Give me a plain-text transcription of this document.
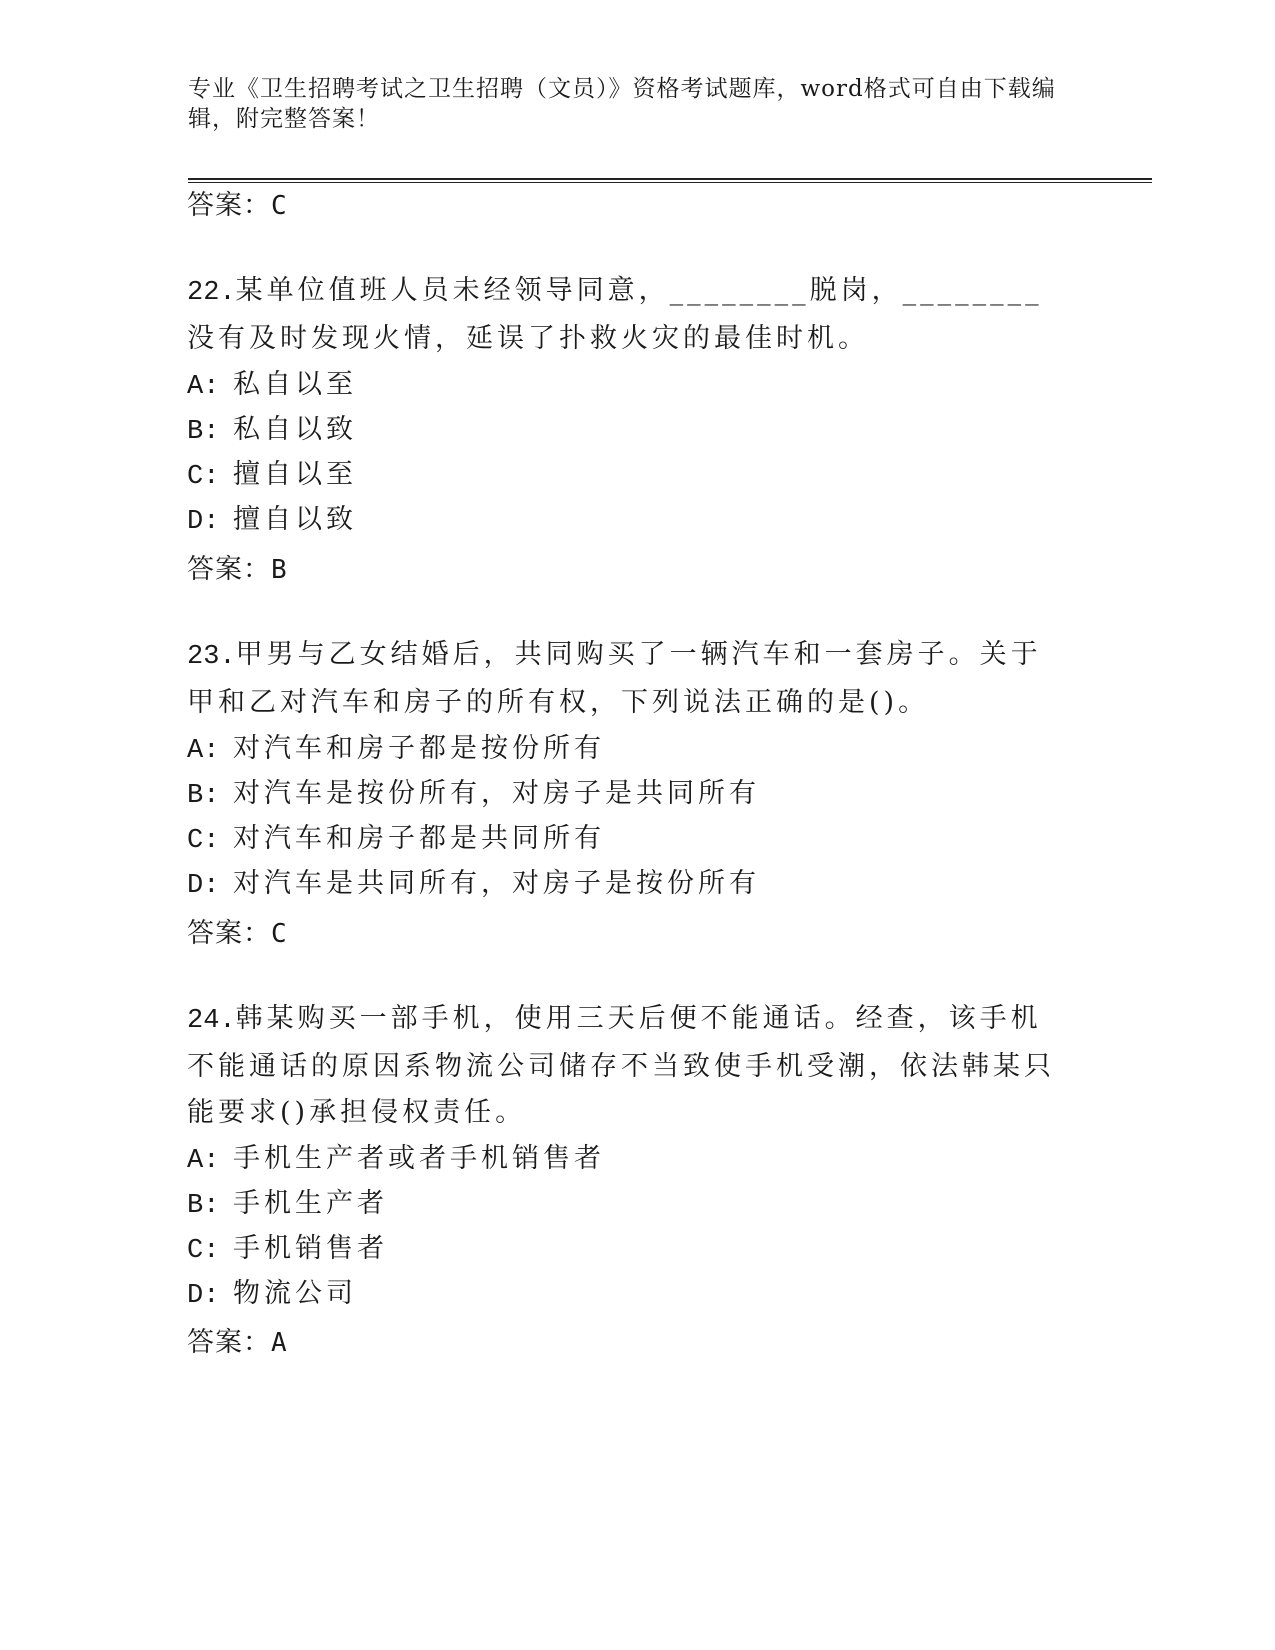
专业《卫生招聘考试之卫生招聘（文员）》资格考试题库，word格式可自由下载编辑，附完整答案！
答案：C
22.某单位值班人员未经领导同意，________脱岗，________没有及时发现火情，延误了扑救火灾的最佳时机。
A: 私自以至
B: 私自以致
C: 擅自以至
D: 擅自以致
答案：B
23.甲男与乙女结婚后，共同购买了一辆汽车和一套房子。关于甲和乙对汽车和房子的所有权，下列说法正确的是()。
A: 对汽车和房子都是按份所有
B: 对汽车是按份所有，对房子是共同所有
C: 对汽车和房子都是共同所有
D: 对汽车是共同所有，对房子是按份所有
答案：C
24.韩某购买一部手机，使用三天后便不能通话。经查，该手机不能通话的原因系物流公司储存不当致使手机受潮，依法韩某只能要求()承担侵权责任。
A: 手机生产者或者手机销售者
B: 手机生产者
C: 手机销售者
D: 物流公司
答案：A
